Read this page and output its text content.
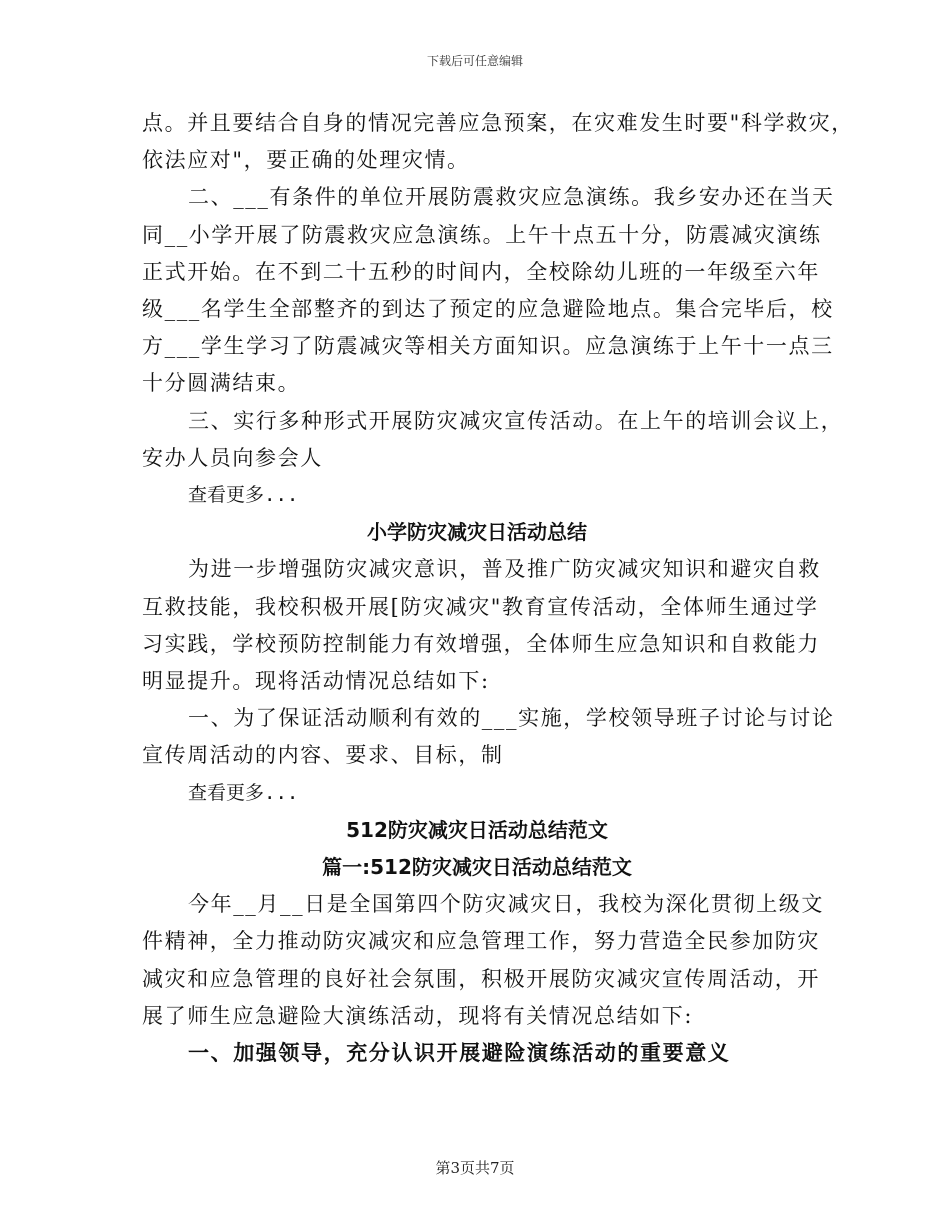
下载后可任意编辑

点。并且要结合自身的情况完善应急预案，在灾难发生时要"科学救灾，
依法应对"，要正确的处理灾情。

二、___有条件的单位开展防震救灾应急演练。我乡安办还在当天
同__小学开展了防震救灾应急演练。上午十点五十分，防震减灾演练
正式开始。在不到二十五秒的时间内，全校除幼儿班的一年级至六年
级___名学生全部整齐的到达了预定的应急避险地点。集合完毕后，校
方___学生学习了防震减灾等相关方面知识。应急演练于上午十一点三
十分圆满结束。

三、实行多种形式开展防灾减灾宣传活动。在上午的培训会议上，
安办人员向参会人

查看更多...

小学防灾减灾日活动总结

为进一步增强防灾减灾意识，普及推广防灾减灾知识和避灾自救
互救技能，我校积极开展[防灾减灾"教育宣传活动，全体师生通过学
习实践，学校预防控制能力有效增强，全体师生应急知识和自救能力
明显提升。现将活动情况总结如下:

一、为了保证活动顺利有效的___实施，学校领导班子讨论与讨论
宣传周活动的内容、要求、目标，制

查看更多...

512防灾减灾日活动总结范文

篇一:512防灾减灾日活动总结范文

今年__月__日是全国第四个防灾减灾日，我校为深化贯彻上级文
件精神，全力推动防灾减灾和应急管理工作，努力营造全民参加防灾
减灾和应急管理的良好社会氛围，积极开展防灾减灾宣传周活动，开
展了师生应急避险大演练活动，现将有关情况总结如下:

一、加强领导，充分认识开展避险演练活动的重要意义

第3页共7页
